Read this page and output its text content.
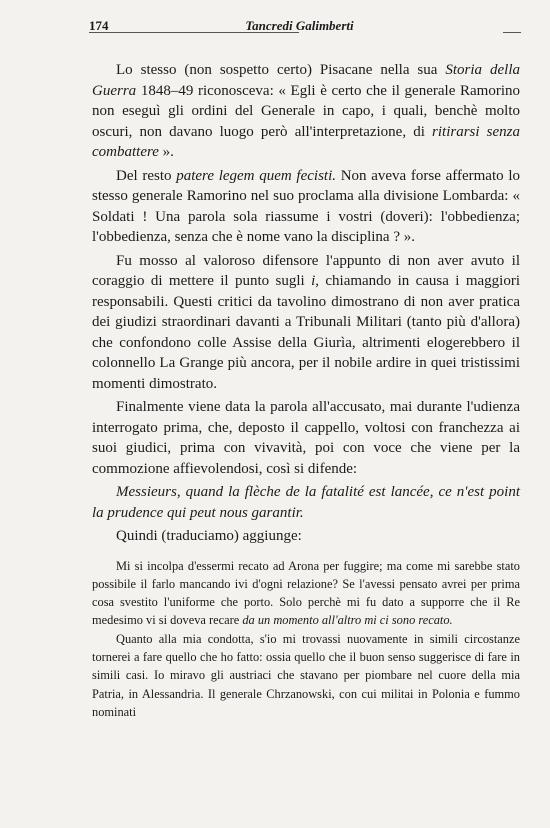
174	Tancredi Galimberti

Lo stesso (non sospetto certo) Pisacane nella sua Storia della Guerra 1848–49 riconosceva: « Egli è certo che il generale Ramorino non eseguì gli ordini del Generale in capo, i quali, benchè molto oscuri, non davano luogo però all'interpretazione, di ritirarsi senza combattere ».

Del resto patere legem quem fecisti. Non aveva forse affermato lo stesso generale Ramorino nel suo proclama alla divisione Lombarda: « Soldati ! Una parola sola riassume i vostri (doveri): l'obbedienza; l'obbedienza, senza che è nome vano la disciplina ? ».

Fu mosso al valoroso difensore l'appunto di non aver avuto il coraggio di mettere il punto sugli i, chiamando in causa i maggiori responsabili. Questi critici da tavolino dimostrano di non aver pratica dei giudizi straordinari davanti a Tribunali Militari (tanto più d'allora) che confondono colle Assise della Giurìa, altrimenti elogerebbero il colonnello La Grange più ancora, per il nobile ardire in quei tristissimi momenti dimostrato.

Finalmente viene data la parola all'accusato, mai durante l'udienza interrogato prima, che, deposto il cappello, voltosi con franchezza ai suoi giudici, prima con vivavità, poi con voce che viene per la commozione affievolendosi, così si difende:

Messieurs, quand la flèche de la fatalité est lancée, ce n'est point la prudence qui peut nous garantir.

Quindi (traduciamo) aggiunge:

Mi si incolpa d'essermi recato ad Arona per fuggire; ma come mi sarebbe stato possibile il farlo mancando ivi d'ogni relazione? Se l'avessi pensato avrei per prima cosa svestito l'uniforme che porto. Solo perchè mi fu dato a supporre che il Re medesimo vi si doveva recare da un momento all'altro mi ci sono recato.

Quanto alla mia condotta, s'io mi trovassi nuovamente in simili circostanze tornerei a fare quello che ho fatto: ossia quello che il buon senso suggerisce di fare in simili casi. Io miravo gli austriaci che stavano per piombare nel cuore della mia Patria, in Alessandria. Il generale Chrzanowski, con cui militai in Polonia e fummo nominati
